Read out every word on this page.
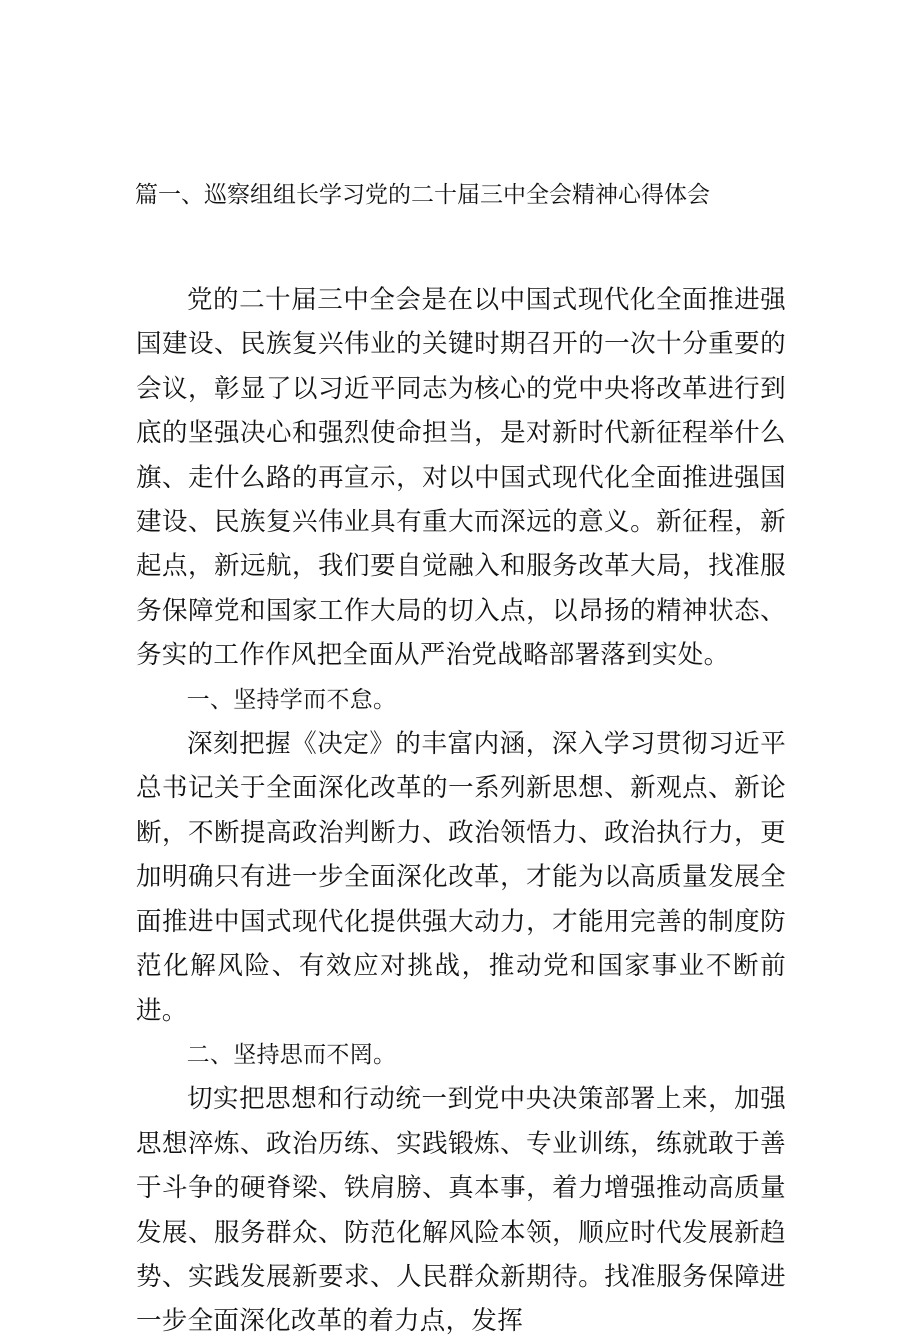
篇一、巡察组组长学习党的二十届三中全会精神心得体会

党的二十届三中全会是在以中国式现代化全面推进强国建设、民族复兴伟业的关键时期召开的一次十分重要的会议，彰显了以习近平同志为核心的党中央将改革进行到底的坚强决心和强烈使命担当，是对新时代新征程举什么旗、走什么路的再宣示，对以中国式现代化全面推进强国建设、民族复兴伟业具有重大而深远的意义。新征程，新起点，新远航，我们要自觉融入和服务改革大局，找准服务保障党和国家工作大局的切入点，以昂扬的精神状态、务实的工作作风把全面从严治党战略部署落到实处。

一、坚持学而不怠。

深刻把握《决定》的丰富内涵，深入学习贯彻习近平总书记关于全面深化改革的一系列新思想、新观点、新论断，不断提高政治判断力、政治领悟力、政治执行力，更加明确只有进一步全面深化改革，才能为以高质量发展全面推进中国式现代化提供强大动力，才能用完善的制度防范化解风险、有效应对挑战，推动党和国家事业不断前进。

二、坚持思而不罔。

切实把思想和行动统一到党中央决策部署上来，加强思想淬炼、政治历练、实践锻炼、专业训练，练就敢于善于斗争的硬脊梁、铁肩膀、真本事，着力增强推动高质量发展、服务群众、防范化解风险本领，顺应时代发展新趋势、实践发展新要求、人民群众新期待。找准服务保障进一步全面深化改革的着力点，发挥
